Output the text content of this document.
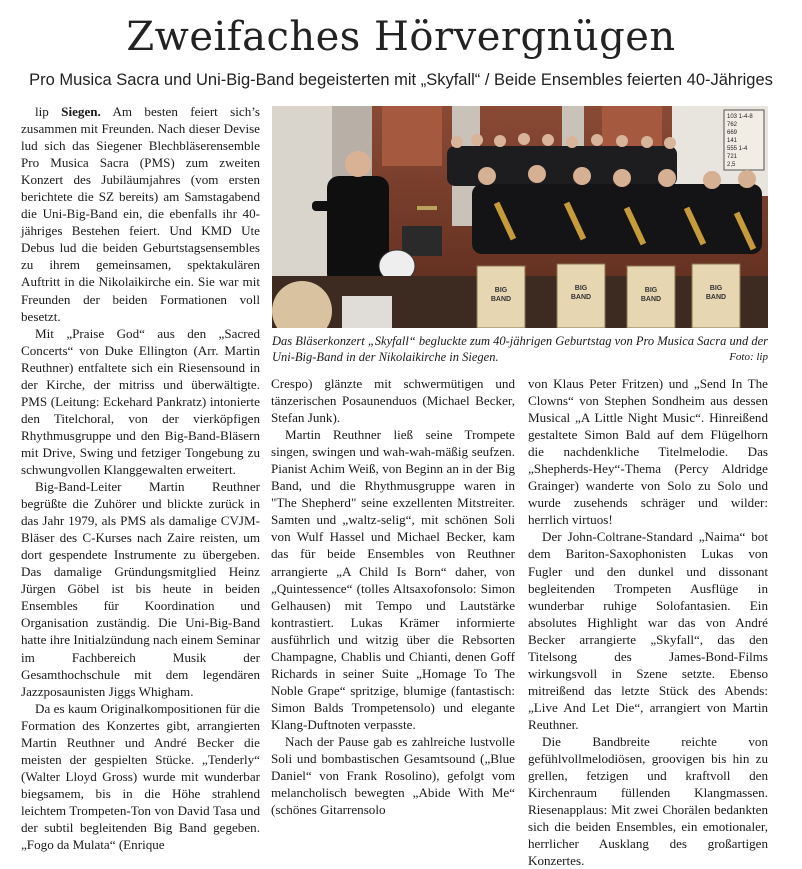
Zweifaches Hörvergnügen
Pro Musica Sacra und Uni-Big-Band begeisterten mit „Skyfall“ / Beide Ensembles feierten 40-Jähriges

lip Siegen. Am besten feiert sich’s zusammen mit Freunden. Nach dieser Devise lud sich das Siegener Blechbläserensemble Pro Musica Sacra (PMS) zum zweiten Konzert des Jubiläumjahres (vom ersten berichtete die SZ bereits) am Samstagabend die Uni-Big-Band ein, die ebenfalls ihr 40-jähriges Bestehen feiert. Und KMD Ute Debus lud die beiden Geburtstagsensembles zu ihrem gemeinsamen, spektakulären Auftritt in die Nikolaikirche ein. Sie war mit Freunden der beiden Formationen voll besetzt.

Mit „Praise God“ aus den „Sacred Concerts“ von Duke Ellington (Arr. Martin Reuthner) entfaltete sich ein Riesensound in der Kirche, der mitriss und überwältigte. PMS (Leitung: Eckehard Pankratz) intonierte den Titelchoral, von der vierköpfigen Rhythmusgruppe und den Big-Band-Bläsern mit Drive, Swing und fetziger Tongebung zu schwungvollen Klanggewalten erweitert.

Big-Band-Leiter Martin Reuthner begrüßte die Zuhörer und blickte zurück in das Jahr 1979, als PMS als damalige CVJM-Bläser des C-Kurses nach Zaire reisten, um dort gespendete Instrumente zu übergeben. Das damalige Gründungsmitglied Heinz Jürgen Göbel ist bis heute in beiden Ensembles für Koordination und Organisation zuständig. Die Uni-Big-Band hatte ihre Initialzündung nach einem Seminar im Fachbereich Musik der Gesamthochschule mit dem legendären Jazzposaunisten Jiggs Whigham.

Da es kaum Originalkompositionen für die Formation des Konzertes gibt, arrangierten Martin Reuthner und André Becker die meisten der gespielten Stücke. „Tenderly“ (Walter Lloyd Gross) wurde mit wunderbar biegsamem, bis in die Höhe strahlend leichtem Trompeten-Ton von David Tasa und der subtil begleitenden Big Band gegeben. „Fogo da Mulata“ (Enrique

103 1-4-8
762
669
141
555 1-4
721
2,5
BIG
BAND
BIG
BAND
BIG
BAND
BIG
BAND
Das Bläserkonzert „Skyfall“ begluckte zum 40-jährigen Geburtstag von Pro Musica Sacra und der Uni-Big-Band in der Nikolaikirche in Siegen.	Foto: lip

Crespo) glänzte mit schwermütigen und tänzerischen Posaunenduos (Michael Becker, Stefan Junk).

Martin Reuthner ließ seine Trompete singen, swingen und wah-wah-mäßig seufzen. Pianist Achim Weiß, von Beginn an in der Big Band, und die Rhythmusgruppe waren in "The Shepherd" seine exzellenten Mitstreiter. Samten und „waltz-selig“, mit schönen Soli von Wulf Hassel und Michael Becker, kam das für beide Ensembles von Reuthner arrangierte „A Child Is Born“ daher, von „Quintessence“ (tolles Altsaxofonsolo: Simon Gelhausen) mit Tempo und Lautstärke kontrastiert. Lukas Krämer informierte ausführlich und witzig über die Rebsorten Champagne, Chablis und Chianti, denen Goff Richards in seiner Suite „Homage To The Noble Grape“ spritzige, blumige (fantastisch: Simon Balds Trompetensolo) und elegante Klang-Duftnoten verpasste.

Nach der Pause gab es zahlreiche lustvolle Soli und bombastischen Gesamtsound („Blue Daniel“ von Frank Rosolino), gefolgt vom melancholisch bewegten „Abide With Me“ (schönes Gitarrensolo

von Klaus Peter Fritzen) und „Send In The Clowns“ von Stephen Sondheim aus dessen Musical „A Little Night Music“. Hinreißend gestaltete Simon Bald auf dem Flügelhorn die nachdenkliche Titelmelodie. Das „Shepherds-Hey“-Thema (Percy Aldridge Grainger) wanderte von Solo zu Solo und wurde zusehends schräger und wilder: herrlich virtuos!

Der John-Coltrane-Standard „Naima“ bot dem Bariton-Saxophonisten Lukas von Fugler und den dunkel und dissonant begleitenden Trompeten Ausflüge in wunderbar ruhige Solofantasien. Ein absolutes Highlight war das von André Becker arrangierte „Skyfall“, das den Titelsong des James-Bond-Films wirkungsvoll in Szene setzte. Ebenso mitreißend das letzte Stück des Abends: „Live And Let Die“, arrangiert von Martin Reuthner.

Die Bandbreite reichte von gefühlvollmelodiösen, groovigen bis hin zu grellen, fetzigen und kraftvoll den Kirchenraum füllenden Klangmassen. Riesenapplaus: Mit zwei Chorälen bedankten sich die beiden Ensembles, ein emotionaler, herrlicher Ausklang des großartigen Konzertes.
